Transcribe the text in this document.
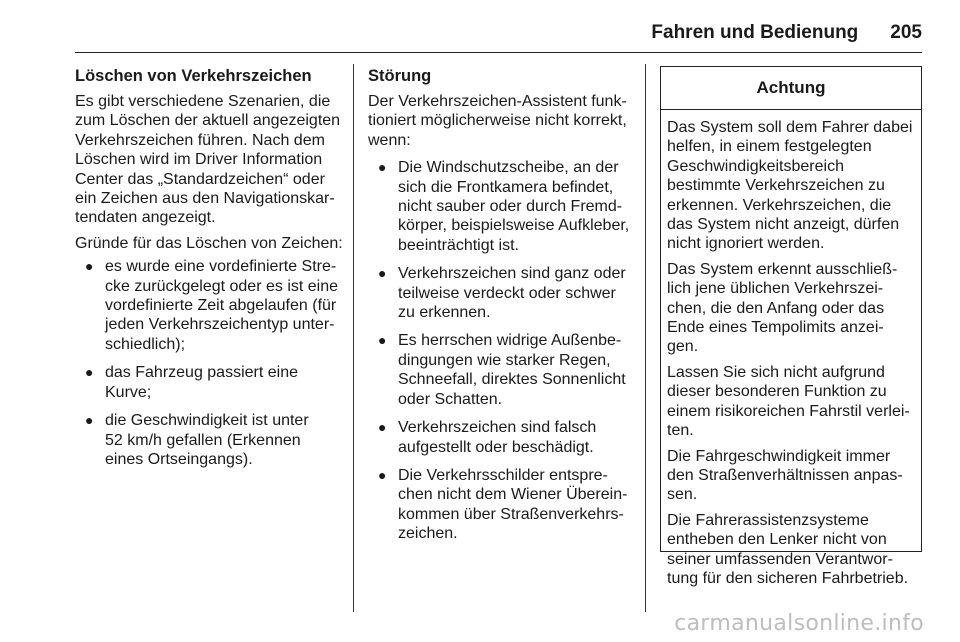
Fahren und Bedienung 205
Löschen von Verkehrszeichen

Es gibt verschiedene Szenarien, die
zum Löschen der aktuell angezeigten
Verkehrszeichen führen. Nach dem
Löschen wird im Driver Information
Center das „Standardzeichen“ oder
ein Zeichen aus den Navigationskar-
tendaten angezeigt.

Gründe für das Löschen von Zeichen:

● es wurde eine vordefinierte Stre-
cke zurückgelegt oder es ist eine
vordefinierte Zeit abgelaufen (für
jeden Verkehrszeichentyp unter-
schiedlich);
● das Fahrzeug passiert eine
Kurve;
● die Geschwindigkeit ist unter
52 km/h gefallen (Erkennen
eines Ortseingangs).
Störung

Der Verkehrszeichen-Assistent funk-
tioniert möglicherweise nicht korrekt,
wenn:

● Die Windschutzscheibe, an der
sich die Frontkamera befindet,
nicht sauber oder durch Fremd-
körper, beispielsweise Aufkleber,
beeinträchtigt ist.
● Verkehrszeichen sind ganz oder
teilweise verdeckt oder schwer
zu erkennen.
● Es herrschen widrige Außenbe-
dingungen wie starker Regen,
Schneefall, direktes Sonnenlicht
oder Schatten.
● Verkehrszeichen sind falsch
aufgestellt oder beschädigt.
● Die Verkehrsschilder entspre-
chen nicht dem Wiener Überein-
kommen über Straßenverkehrs-
zeichen.
Achtung

Das System soll dem Fahrer dabei
helfen, in einem festgelegten
Geschwindigkeitsbereich
bestimmte Verkehrszeichen zu
erkennen. Verkehrszeichen, die
das System nicht anzeigt, dürfen
nicht ignoriert werden.

Das System erkennt ausschließ-
lich jene üblichen Verkehrszei-
chen, die den Anfang oder das
Ende eines Tempolimits anzei-
gen.

Lassen Sie sich nicht aufgrund
dieser besonderen Funktion zu
einem risikoreichen Fahrstil verlei-
ten.

Die Fahrgeschwindigkeit immer
den Straßenverhältnissen anpas-
sen.

Die Fahrerassistenzsysteme
entheben den Lenker nicht von
seiner umfassenden Verantwor-
tung für den sicheren Fahrbetrieb.

carmanualsonline.info
